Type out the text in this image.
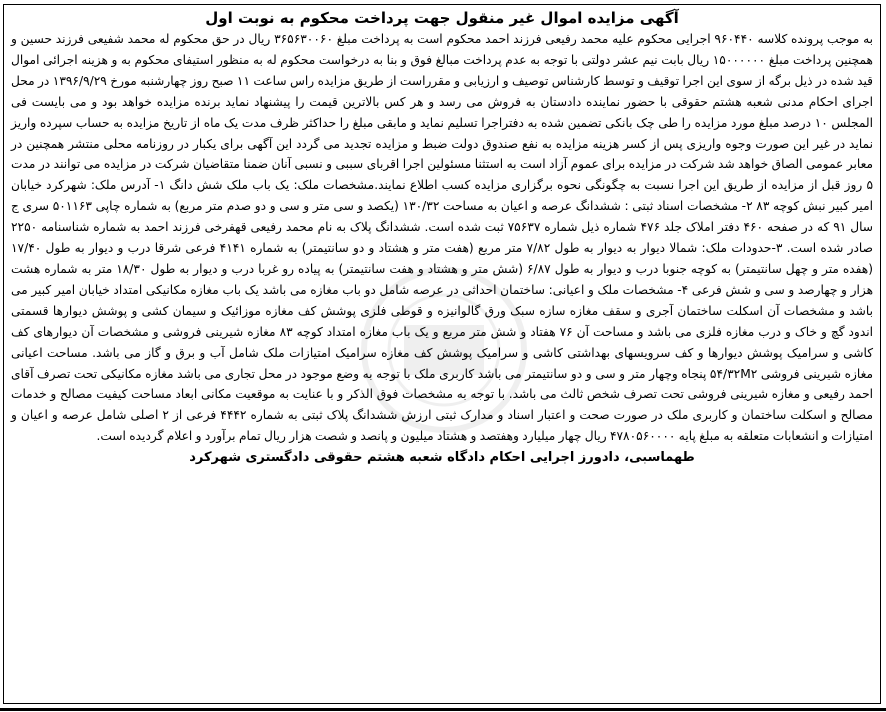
آگهی مزایده اموال غیر منقول جهت پرداخت محکوم به نوبت اول
به موجب پرونده کلاسه ۹۶۰۴۴۰ اجرایی محکوم علیه محمد رفیعی فرزند احمد محکوم است به پرداخت مبلغ ۳۶۵۶۳۰۰۶۰ ریال در حق محکوم له محمد شفیعی فرزند حسین و همچنین پرداخت مبلغ ۱۵۰۰۰۰۰۰ ریال بابت نیم عشر دولتی با توجه به عدم پرداخت مبالغ فوق و بنا به درخواست محکوم له به منظور استیفای محکوم به و هزینه اجرائی اموال قید شده در ذیل برگه از سوی این اجرا توقیف و توسط کارشناس توصیف و ارزیابی و مقرراست از طریق مزایده راس ساعت ۱۱ صبح روز چهارشنبه مورخ ۱۳۹۶/۹/۲۹ در محل اجرای احکام مدنی شعبه هشتم حقوقی با حضور نماینده دادستان به فروش می رسد و هر کس بالاترین قیمت را پیشنهاد نماید برنده مزایده خواهد بود و می بایست فی المجلس ۱۰ درصد مبلغ مورد مزایده را طی چک بانکی تضمین شده به دفتراجرا تسلیم نماید و مابقی مبلغ را حداکثر ظرف مدت یک ماه از تاریخ مزایده به حساب سپرده واریز نماید در غیر این صورت وجوه واریزی پس از کسر هزینه مزایده به نفع صندوق دولت ضبط و مزایده تجدید می گردد این آگهی برای یکبار در روزنامه محلی منتشر همچنین در معابر عمومی الصاق خواهد شد شرکت در مزایده برای عموم آزاد است به استثنا مسئولین اجرا اقربای سببی و نسبی آنان ضمنا متقاضیان شرکت در مزایده می توانند در مدت ۵ روز قبل از مزایده از طریق این اجرا نسبت به چگونگی نحوه برگزاری مزایده کسب اطلاع نمایند.مشخصات ملک: یک باب ملک شش دانگ ۱- آدرس ملک: شهرکرد خیابان امیر کبیر نبش کوچه ۸۳ ۲- مشخصات اسناد ثبتی : ششدانگ عرصه و اعیان به مساحت ۱۳۰/۳۲ (یکصد و سی متر و سی و دو صدم متر مربع) به شماره چاپی ۵۰۱۱۶۳ سری ج سال ۹۱ که در صفحه ۴۶۰ دفتر املاک جلد ۴۷۶ شماره ذیل شماره ۷۵۶۳۷ ثبت شده است. ششدانگ پلاک به نام محمد رفیعی قهفرخی فرزند احمد به شماره شناسنامه ۲۲۵۰ صادر شده است. ۳-حدودات ملک: شمالا دیوار به دیوار به طول ۷/۸۲ متر مربع (هفت متر و هشتاد و دو سانتیمتر) به شماره ۴۱۴۱ فرعی شرقا درب و دیوار به طول ۱۷/۴۰ (هفده متر و چهل سانتیمتر) به کوچه جنوبا درب و دیوار به طول ۶/۸۷ (شش متر و هشتاد و هفت سانتیمتر) به پیاده رو غربا درب و دیوار به طول ۱۸/۳۰ متر به شماره هشت هزار و چهارصد و سی و شش فرعی ۴- مشخصات ملک و اعیانی: ساختمان احداثی در عرصه شامل دو باب مغازه می باشد یک باب مغازه مکانیکی امتداد خیابان امیر کبیر می باشد و مشخصات آن اسکلت ساختمان آجری و سقف مغازه سازه سبک ورق گالوانیزه و قوطی فلزی پوشش کف مغازه موزائیک و سیمان کشی و پوشش دیوارها قسمتی اندود گچ و خاک و درب مغازه فلزی می باشد و مساحت آن ۷۶ هفتاد و شش متر مربع و یک باب مغازه امتداد کوچه ۸۳ مغازه شیرینی فروشی و مشخصات آن دیوارهای کف کاشی و سرامیک پوشش دیوارها و کف سرویسهای بهداشتی کاشی و سرامیک پوشش کف مغازه سرامیک امتیازات ملک شامل آب و برق و گاز می باشد. مساحت اعیانی مغازه شیرینی فروشی ۵۴/۳۲M۲ پنجاه وچهار متر و سی و دو سانتیمتر می باشد کاربری ملک با توجه به وضع موجود در محل تجاری می باشد مغازه مکانیکی تحت تصرف آقای احمد رفیعی و مغازه شیرینی فروشی تحت تصرف شخص ثالث می باشد. با توجه به مشخصات فوق الذکر و با عنایت به موقعیت مکانی ابعاد مساحت کیفیت مصالح و خدمات مصالح و اسکلت ساختمان و کاربری ملک در صورت صحت و اعتبار اسناد و مدارک ثبتی ارزش ششدانگ پلاک ثبتی به شماره ۴۴۴۲ فرعی از ۲ اصلی شامل عرصه و اعیان و امتیازات و انشعابات متعلقه به مبلغ پایه ۴۷۸۰۵۶۰۰۰۰ ریال چهار میلیارد وهفتصد و هشتاد میلیون و پانصد و شصت هزار ریال تمام برآورد و اعلام گردیده است.
طهماسبی، دادورز اجرایی احکام دادگاه شعبه هشتم حقوقی دادگستری شهرکرد
